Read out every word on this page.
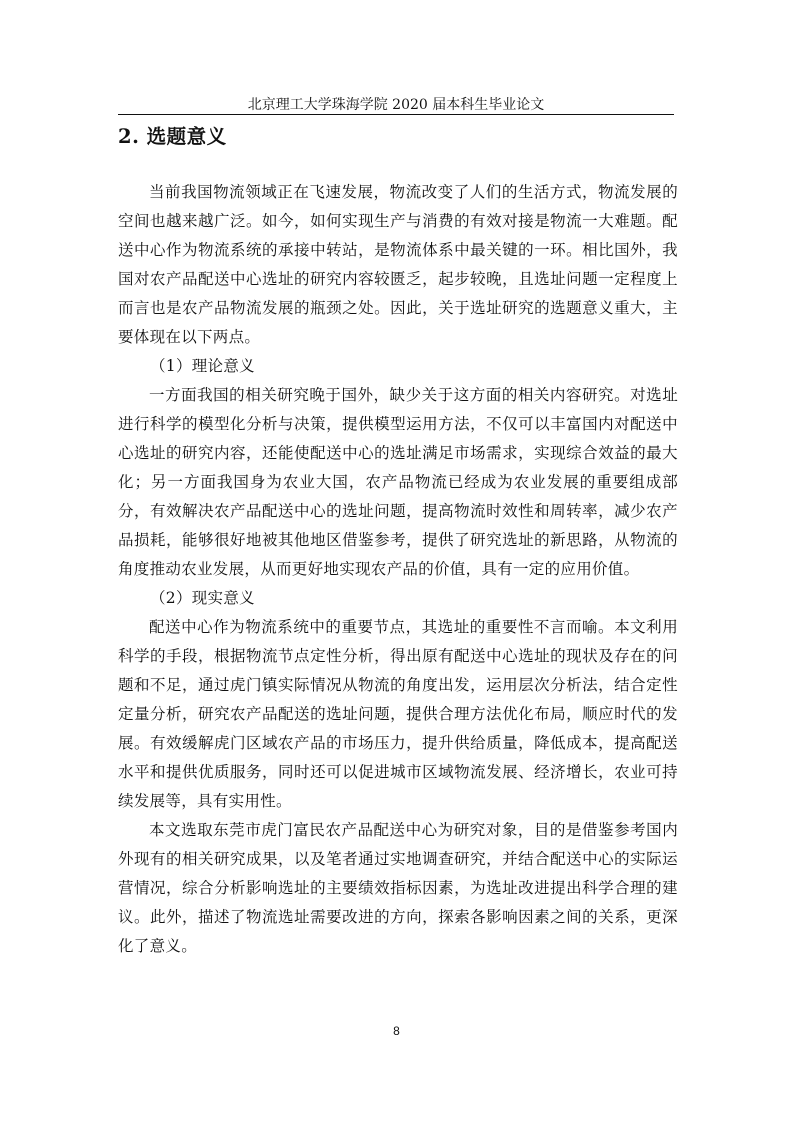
北京理工大学珠海学院 2020 届本科生毕业论文
2. 选题意义

当前我国物流领域正在飞速发展，物流改变了人们的生活方式，物流发展的空间也越来越广泛。如今，如何实现生产与消费的有效对接是物流一大难题。配送中心作为物流系统的承接中转站，是物流体系中最关键的一环。相比国外，我国对农产品配送中心选址的研究内容较匮乏，起步较晚，且选址问题一定程度上而言也是农产品物流发展的瓶颈之处。因此，关于选址研究的选题意义重大，主要体现在以下两点。

（1）理论意义

一方面我国的相关研究晚于国外，缺少关于这方面的相关内容研究。对选址进行科学的模型化分析与决策，提供模型运用方法，不仅可以丰富国内对配送中心选址的研究内容，还能使配送中心的选址满足市场需求，实现综合效益的最大化；另一方面我国身为农业大国，农产品物流已经成为农业发展的重要组成部分，有效解决农产品配送中心的选址问题，提高物流时效性和周转率，减少农产品损耗，能够很好地被其他地区借鉴参考，提供了研究选址的新思路，从物流的角度推动农业发展，从而更好地实现农产品的价值，具有一定的应用价值。

（2）现实意义

配送中心作为物流系统中的重要节点，其选址的重要性不言而喻。本文利用科学的手段，根据物流节点定性分析，得出原有配送中心选址的现状及存在的问题和不足，通过虎门镇实际情况从物流的角度出发，运用层次分析法，结合定性定量分析，研究农产品配送的选址问题，提供合理方法优化布局，顺应时代的发展。有效缓解虎门区域农产品的市场压力，提升供给质量，降低成本，提高配送水平和提供优质服务，同时还可以促进城市区域物流发展、经济增长，农业可持续发展等，具有实用性。

本文选取东莞市虎门富民农产品配送中心为研究对象，目的是借鉴参考国内外现有的相关研究成果，以及笔者通过实地调查研究，并结合配送中心的实际运营情况，综合分析影响选址的主要绩效指标因素，为选址改进提出科学合理的建议。此外，描述了物流选址需要改进的方向，探索各影响因素之间的关系，更深化了意义。

8
